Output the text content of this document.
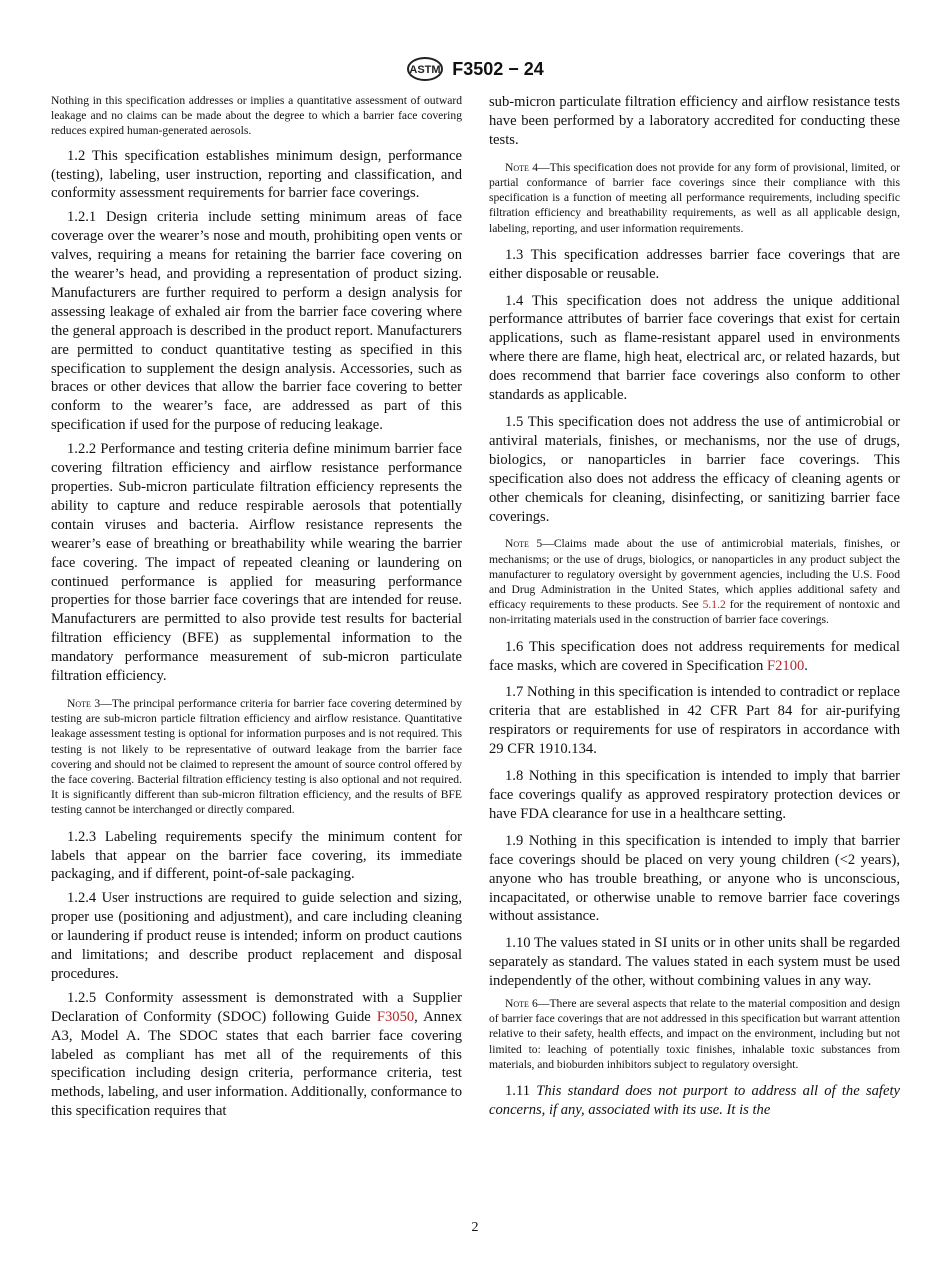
ASTM F3502 − 24

Nothing in this specification addresses or implies a quantitative assessment of outward leakage and no claims can be made about the degree to which a barrier face covering reduces expired human-generated aerosols.

1.2 This specification establishes minimum design, performance (testing), labeling, user instruction, reporting and classification, and conformity assessment requirements for barrier face coverings.

1.2.1 Design criteria include setting minimum areas of face coverage over the wearer’s nose and mouth, prohibiting open vents or valves, requiring a means for retaining the barrier face covering on the wearer’s head, and providing a representation of product sizing. Manufacturers are further required to perform a design analysis for assessing leakage of exhaled air from the barrier face covering where the general approach is described in the product report. Manufacturers are permitted to conduct quantitative testing as specified in this specification to supplement the design analysis. Accessories, such as braces or other devices that allow the barrier face covering to better conform to the wearer’s face, are addressed as part of this specification if used for the purpose of reducing leakage.

1.2.2 Performance and testing criteria define minimum barrier face covering filtration efficiency and airflow resistance performance properties. Sub-micron particulate filtration efficiency represents the ability to capture and reduce respirable aerosols that potentially contain viruses and bacteria. Airflow resistance represents the wearer’s ease of breathing or breathability while wearing the barrier face covering. The impact of repeated cleaning or laundering on continued performance is applied for measuring performance properties for those barrier face coverings that are intended for reuse. Manufacturers are permitted to also provide test results for bacterial filtration efficiency (BFE) as supplemental information to the mandatory performance measurement of sub-micron particulate filtration efficiency.

Note 3—The principal performance criteria for barrier face covering determined by testing are sub-micron particle filtration efficiency and airflow resistance. Quantitative leakage assessment testing is optional for information purposes and is not required. This testing is not likely to be representative of outward leakage from the barrier face covering and should not be claimed to represent the amount of source control offered by the face covering. Bacterial filtration efficiency testing is also optional and not required. It is significantly different than sub-micron filtration efficiency, and the results of BFE testing cannot be interchanged or directly compared.

1.2.3 Labeling requirements specify the minimum content for labels that appear on the barrier face covering, its immediate packaging, and if different, point-of-sale packaging.

1.2.4 User instructions are required to guide selection and sizing, proper use (positioning and adjustment), and care including cleaning or laundering if product reuse is intended; inform on product cautions and limitations; and describe product replacement and disposal procedures.

1.2.5 Conformity assessment is demonstrated with a Supplier Declaration of Conformity (SDOC) following Guide F3050, Annex A3, Model A. The SDOC states that each barrier face covering labeled as compliant has met all of the requirements of this specification including design criteria, performance criteria, test methods, labeling, and user information. Additionally, conformance to this specification requires that

sub-micron particulate filtration efficiency and airflow resistance tests have been performed by a laboratory accredited for conducting these tests.

Note 4—This specification does not provide for any form of provisional, limited, or partial conformance of barrier face coverings since their compliance with this specification is a function of meeting all performance requirements, including specific filtration efficiency and breathability requirements, as well as all applicable design, labeling, reporting, and user information requirements.

1.3 This specification addresses barrier face coverings that are either disposable or reusable.

1.4 This specification does not address the unique additional performance attributes of barrier face coverings that exist for certain applications, such as flame-resistant apparel used in environments where there are flame, high heat, electrical arc, or related hazards, but does recommend that barrier face coverings also conform to other standards as applicable.

1.5 This specification does not address the use of antimicrobial or antiviral materials, finishes, or mechanisms, nor the use of drugs, biologics, or nanoparticles in barrier face coverings. This specification also does not address the efficacy of cleaning agents or other chemicals for cleaning, disinfecting, or sanitizing barrier face coverings.

Note 5—Claims made about the use of antimicrobial materials, finishes, or mechanisms; or the use of drugs, biologics, or nanoparticles in any product subject the manufacturer to regulatory oversight by government agencies, including the U.S. Food and Drug Administration in the United States, which applies additional safety and efficacy requirements to these products. See 5.1.2 for the requirement of nontoxic and non-irritating materials used in the construction of barrier face coverings.

1.6 This specification does not address requirements for medical face masks, which are covered in Specification F2100.

1.7 Nothing in this specification is intended to contradict or replace criteria that are established in 42 CFR Part 84 for air-purifying respirators or requirements for use of respirators in accordance with 29 CFR 1910.134.

1.8 Nothing in this specification is intended to imply that barrier face coverings qualify as approved respiratory protection devices or have FDA clearance for use in a healthcare setting.

1.9 Nothing in this specification is intended to imply that barrier face coverings should be placed on very young children (<2 years), anyone who has trouble breathing, or anyone who is unconscious, incapacitated, or otherwise unable to remove barrier face coverings without assistance.

1.10 The values stated in SI units or in other units shall be regarded separately as standard. The values stated in each system must be used independently of the other, without combining values in any way.

Note 6—There are several aspects that relate to the material composition and design of barrier face coverings that are not addressed in this specification but warrant attention relative to their safety, health effects, and impact on the environment, including but not limited to: leaching of potentially toxic finishes, inhalable toxic substances from materials, and bioburden inhibitors subject to regulatory oversight.

1.11 This standard does not purport to address all of the safety concerns, if any, associated with its use. It is the

2
